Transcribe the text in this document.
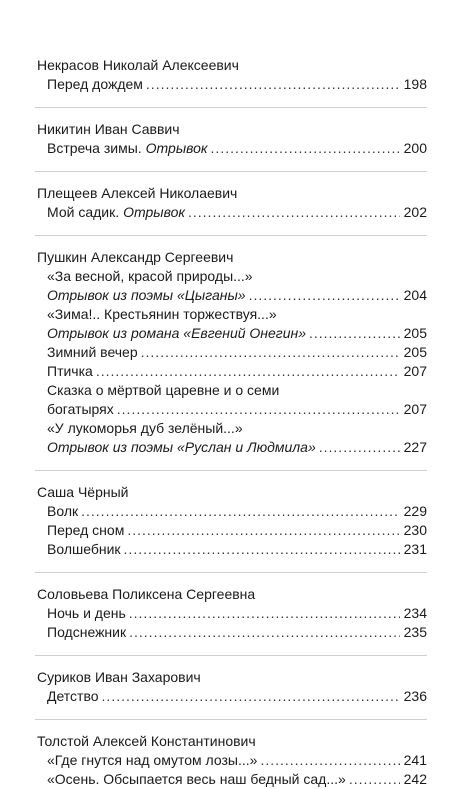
Некрасов Николай Алексеевич
Перед дождем .....	198
Никитин Иван Саввич
Встреча зимы. Отрывок .....	200
Плещеев Алексей Николаевич
Мой садик. Отрывок .....	202
Пушкин Александр Сергеевич
«За весной, красой природы...»
Отрывок из поэмы «Цыганы» .....	204
«Зима!.. Крестьянин торжествуя...»
Отрывок из романа «Евгений Онегин» .....	205
Зимний вечер .....	205
Птичка .....	207
Сказка о мёртвой царевне и о семи
богатырях .....	207
«У лукоморья дуб зелёный...»
Отрывок из поэмы «Руслан и Людмила» .....	227
Саша Чёрный
Волк .....	229
Перед сном .....	230
Волшебник .....	231
Соловьева Поликсена Сергеевна
Ночь и день .....	234
Подснежник .....	235
Суриков Иван Захарович
Детство .....	236
Толстой Алексей Константинович
«Где гнутся над омутом лозы...» .....	241
«Осень. Обсыпается весь наш бедный сад...» .....	242
